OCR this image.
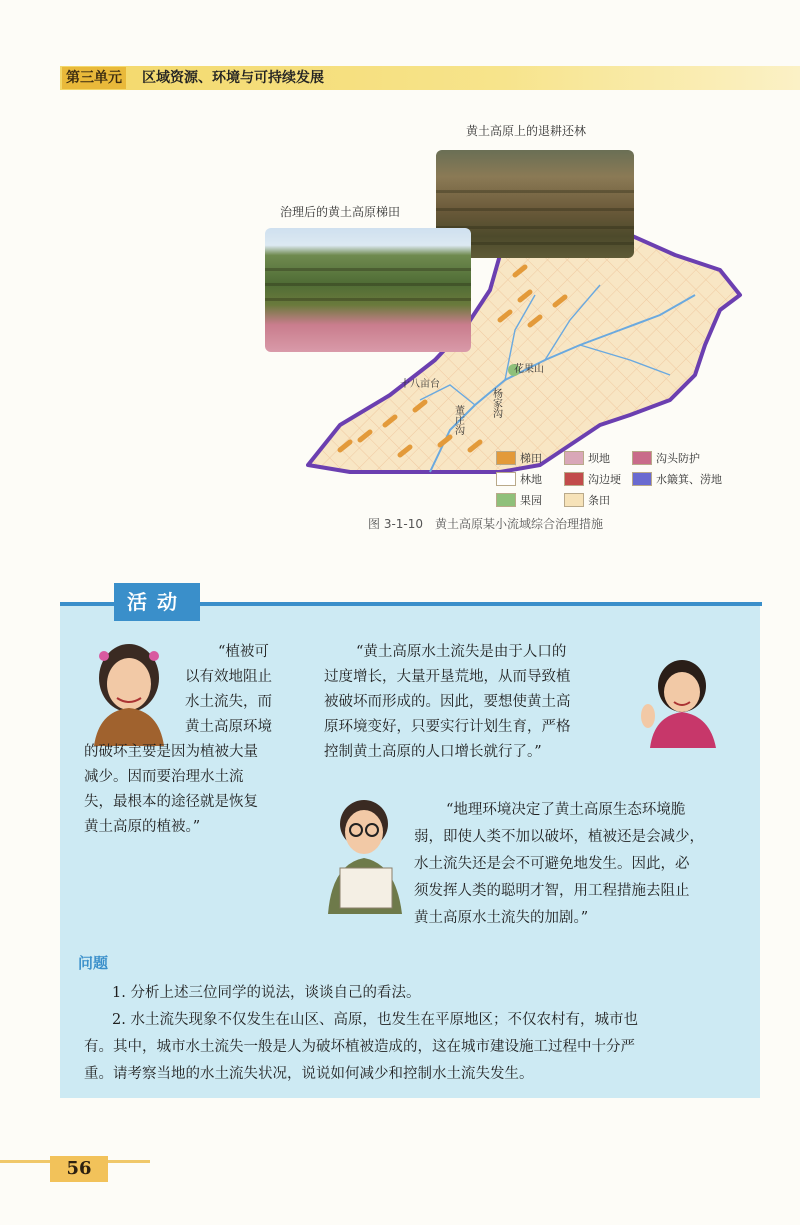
第三单元 区域资源、环境与可持续发展
黄土高原上的退耕还林
治理后的黄土高原梯田
花果山
十八亩台
董庄沟
杨家沟
梯田	坝地	沟头防护
林地	沟边埂	水簸箕、涝地
果园	条田
图 3-1-10　黄土高原某小流域综合治理措施
活动
“植被可
以有效地阻止
水土流失，而
黄土高原环境
的破坏主要是因为植被大量
减少。因而要治理水土流
失，最根本的途径就是恢复
黄土高原的植被。”
“黄土高原水土流失是由于人口的
过度增长，大量开垦荒地，从而导致植
被破坏而形成的。因此，要想使黄土高
原环境变好，只要实行计划生育，严格
控制黄土高原的人口增长就行了。”
“地理环境决定了黄土高原生态环境脆
弱，即使人类不加以破坏，植被还是会减少，
水土流失还是会不可避免地发生。因此，必
须发挥人类的聪明才智，用工程措施去阻止
黄土高原水土流失的加剧。”
问题
1. 分析上述三位同学的说法，谈谈自己的看法。
2. 水土流失现象不仅发生在山区、高原，也发生在平原地区；不仅农村有，城市也
有。其中，城市水土流失一般是人为破坏植被造成的，这在城市建设施工过程中十分严
重。请考察当地的水土流失状况，说说如何减少和控制水土流失发生。
56
